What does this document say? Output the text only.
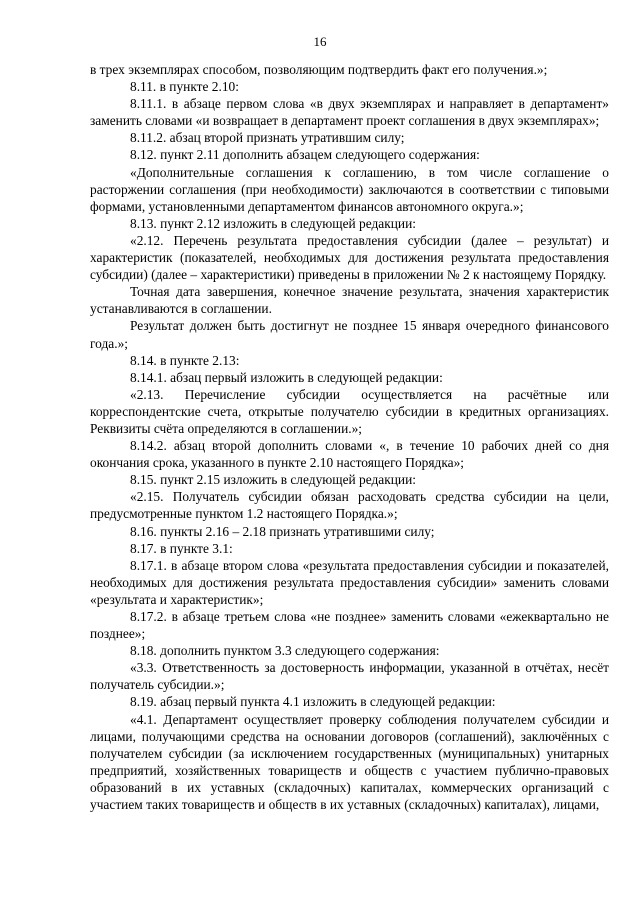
16

в трех экземплярах способом, позволяющим подтвердить факт его получения.»;

8.11. в пункте 2.10:

8.11.1. в абзаце первом слова «в двух экземплярах и направляет в департамент» заменить словами «и возвращает в департамент проект соглашения в двух экземплярах»;

8.11.2. абзац второй признать утратившим силу;

8.12. пункт 2.11 дополнить абзацем следующего содержания:

«Дополнительные соглашения к соглашению, в том числе соглашение о расторжении соглашения (при необходимости) заключаются в соответствии с типовыми формами, установленными департаментом финансов автономного округа.»;

8.13. пункт 2.12 изложить в следующей редакции:

«2.12. Перечень результата предоставления субсидии (далее – результат) и характеристик (показателей, необходимых для достижения результата предоставления субсидии) (далее – характеристики) приведены в приложении № 2 к настоящему Порядку.

Точная дата завершения, конечное значение результата, значения характеристик устанавливаются в соглашении.

Результат должен быть достигнут не позднее 15 января очередного финансового года.»;

8.14. в пункте 2.13:

8.14.1. абзац первый изложить в следующей редакции:

«2.13. Перечисление субсидии осуществляется на расчётные или корреспондентские счета, открытые получателю субсидии в кредитных организациях. Реквизиты счёта определяются в соглашении.»;

8.14.2. абзац второй дополнить словами «, в течение 10 рабочих дней со дня окончания срока, указанного в пункте 2.10 настоящего Порядка»;

8.15. пункт 2.15 изложить в следующей редакции:

«2.15. Получатель субсидии обязан расходовать средства субсидии на цели, предусмотренные пунктом 1.2 настоящего Порядка.»;

8.16. пункты 2.16 – 2.18 признать утратившими силу;

8.17. в пункте 3.1:

8.17.1. в абзаце втором слова «результата предоставления субсидии и показателей, необходимых для достижения результата предоставления субсидии» заменить словами «результата и характеристик»;

8.17.2. в абзаце третьем слова «не позднее» заменить словами «ежеквартально не позднее»;

8.18. дополнить пунктом 3.3 следующего содержания:

«3.3. Ответственность за достоверность информации, указанной в отчётах, несёт получатель субсидии.»;

8.19. абзац первый пункта 4.1 изложить в следующей редакции:

«4.1. Департамент осуществляет проверку соблюдения получателем субсидии и лицами, получающими средства на основании договоров (соглашений), заключённых с получателем субсидии (за исключением государственных (муниципальных) унитарных предприятий, хозяйственных товариществ и обществ с участием публично-правовых образований в их уставных (складочных) капиталах, коммерческих организаций с участием таких товариществ и обществ в их уставных (складочных) капиталах), лицами,
